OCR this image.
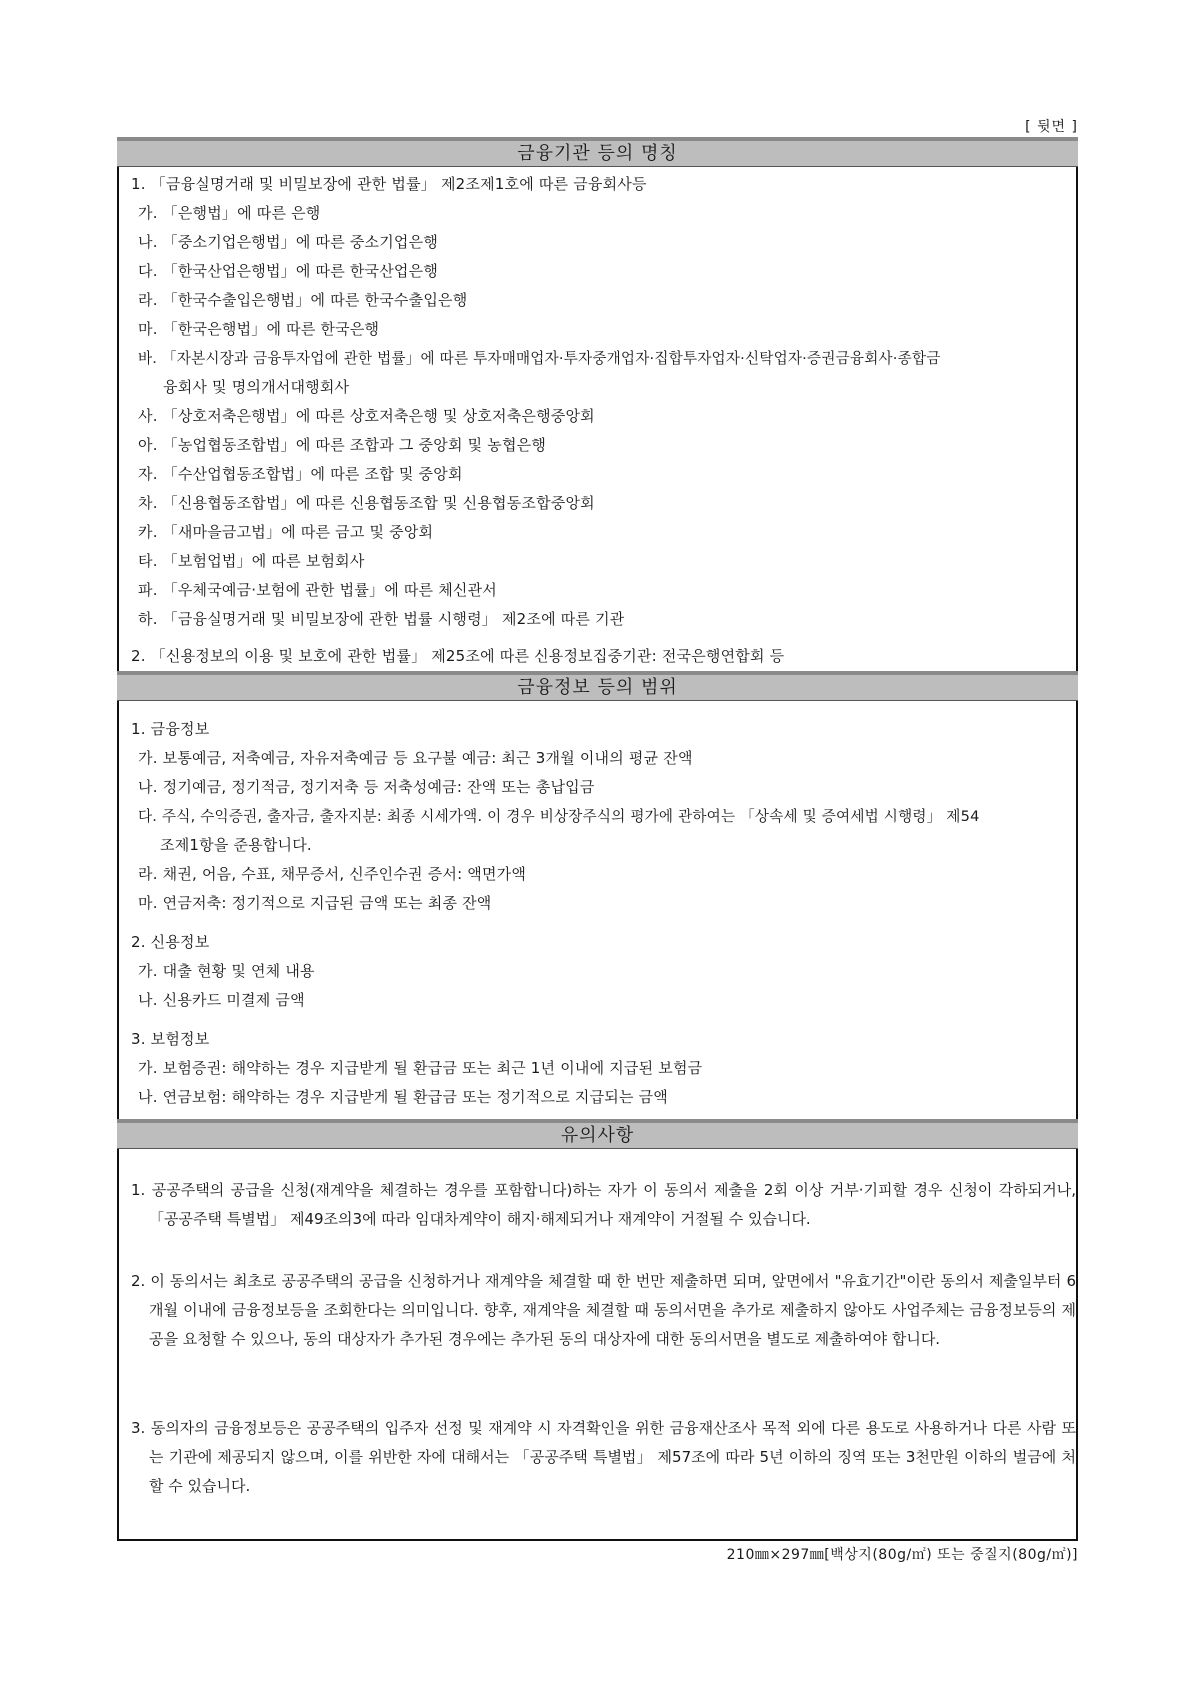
[ 뒷면 ]
금융기관 등의 명칭
1. 「금융실명거래 및 비밀보장에 관한 법률」 제2조제1호에 따른 금융회사등
가. 「은행법」에 따른 은행
나. 「중소기업은행법」에 따른 중소기업은행
다. 「한국산업은행법」에 따른 한국산업은행
라. 「한국수출입은행법」에 따른 한국수출입은행
마. 「한국은행법」에 따른 한국은행
바. 「자본시장과 금융투자업에 관한 법률」에 따른 투자매매업자·투자중개업자·집합투자업자·신탁업자·증권금융회사·종합금
융회사 및 명의개서대행회사
사. 「상호저축은행법」에 따른 상호저축은행 및 상호저축은행중앙회
아. 「농업협동조합법」에 따른 조합과 그 중앙회 및 농협은행
자. 「수산업협동조합법」에 따른 조합 및 중앙회
차. 「신용협동조합법」에 따른 신용협동조합 및 신용협동조합중앙회
카. 「새마을금고법」에 따른 금고 및 중앙회
타. 「보험업법」에 따른 보험회사
파. 「우체국예금·보험에 관한 법률」에 따른 체신관서
하. 「금융실명거래 및 비밀보장에 관한 법률 시행령」 제2조에 따른 기관
2. 「신용정보의 이용 및 보호에 관한 법률」 제25조에 따른 신용정보집중기관: 전국은행연합회 등
금융정보 등의 범위
1. 금융정보
가. 보통예금, 저축예금, 자유저축예금 등 요구불 예금: 최근 3개월 이내의 평균 잔액
나. 정기예금, 정기적금, 정기저축 등 저축성예금: 잔액 또는 총납입금
다. 주식, 수익증권, 출자금, 출자지분: 최종 시세가액. 이 경우 비상장주식의 평가에 관하여는 「상속세 및 증여세법 시행령」 제54
조제1항을 준용합니다.
라. 채권, 어음, 수표, 채무증서, 신주인수권 증서: 액면가액
마. 연금저축: 정기적으로 지급된 금액 또는 최종 잔액
2. 신용정보
가. 대출 현황 및 연체 내용
나. 신용카드 미결제 금액
3. 보험정보
가. 보험증권: 해약하는 경우 지급받게 될 환급금 또는 최근 1년 이내에 지급된 보험금
나. 연금보험: 해약하는 경우 지급받게 될 환급금 또는 정기적으로 지급되는 금액
유의사항

1. 공공주택의 공급을 신청(재계약을 체결하는 경우를 포함합니다)하는 자가 이 동의서 제출을 2회 이상 거부·기피할 경우 신청이 각하되거나, 「공공주택 특별법」 제49조의3에 따라 임대차계약이 해지·해제되거나 재계약이 거절될 수 있습니다.

2. 이 동의서는 최초로 공공주택의 공급을 신청하거나 재계약을 체결할 때 한 번만 제출하면 되며, 앞면에서 "유효기간"이란 동의서 제출일부터 6개월 이내에 금융정보등을 조회한다는 의미입니다. 향후, 재계약을 체결할 때 동의서면을 추가로 제출하지 않아도 사업주체는 금융정보등의 제공을 요청할 수 있으나, 동의 대상자가 추가된 경우에는 추가된 동의 대상자에 대한 동의서면을 별도로 제출하여야 합니다.

3. 동의자의 금융정보등은 공공주택의 입주자 선정 및 재계약 시 자격확인을 위한 금융재산조사 목적 외에 다른 용도로 사용하거나 다른 사람 또는 기관에 제공되지 않으며, 이를 위반한 자에 대해서는 「공공주택 특별법」 제57조에 따라 5년 이하의 징역 또는 3천만원 이하의 벌금에 처할 수 있습니다.

210㎜×297㎜[백상지(80g/㎡) 또는 중질지(80g/㎡)]
